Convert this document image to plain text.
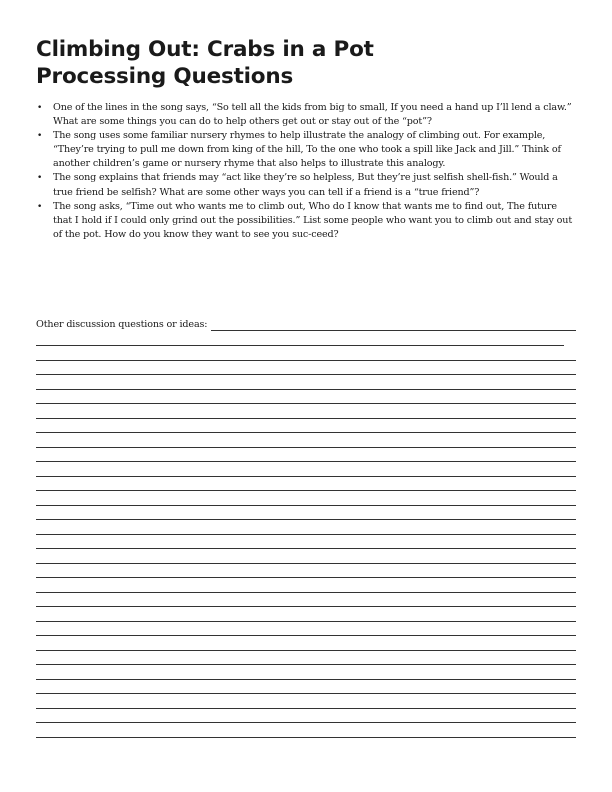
Climbing Out: Crabs in a Pot
Processing Questions
• One of the lines in the song says, “So tell all the kids from big to small, If you need a hand up I’ll lend a claw.” What are some things you can do to help others get out or stay out of the “pot”?
• The song uses some familiar nursery rhymes to help illustrate the analogy of climbing out. For example, “They’re trying to pull me down from king of the hill, To the one who took a spill like Jack and Jill.” Think of another children’s game or nursery rhyme that also helps to illustrate this analogy.
• The song explains that friends may “act like they’re so helpless, But they’re just selfish shell-fish.” Would a true friend be selfish? What are some other ways you can tell if a friend is a “true friend”?
• The song asks, “Time out who wants me to climb out, Who do I know that wants me to find out, The future that I hold if I could only grind out the possibilities.” List some people who want you to climb out and stay out of the pot. How do you know they want to see you suc-ceed?
Other discussion questions or ideas:
